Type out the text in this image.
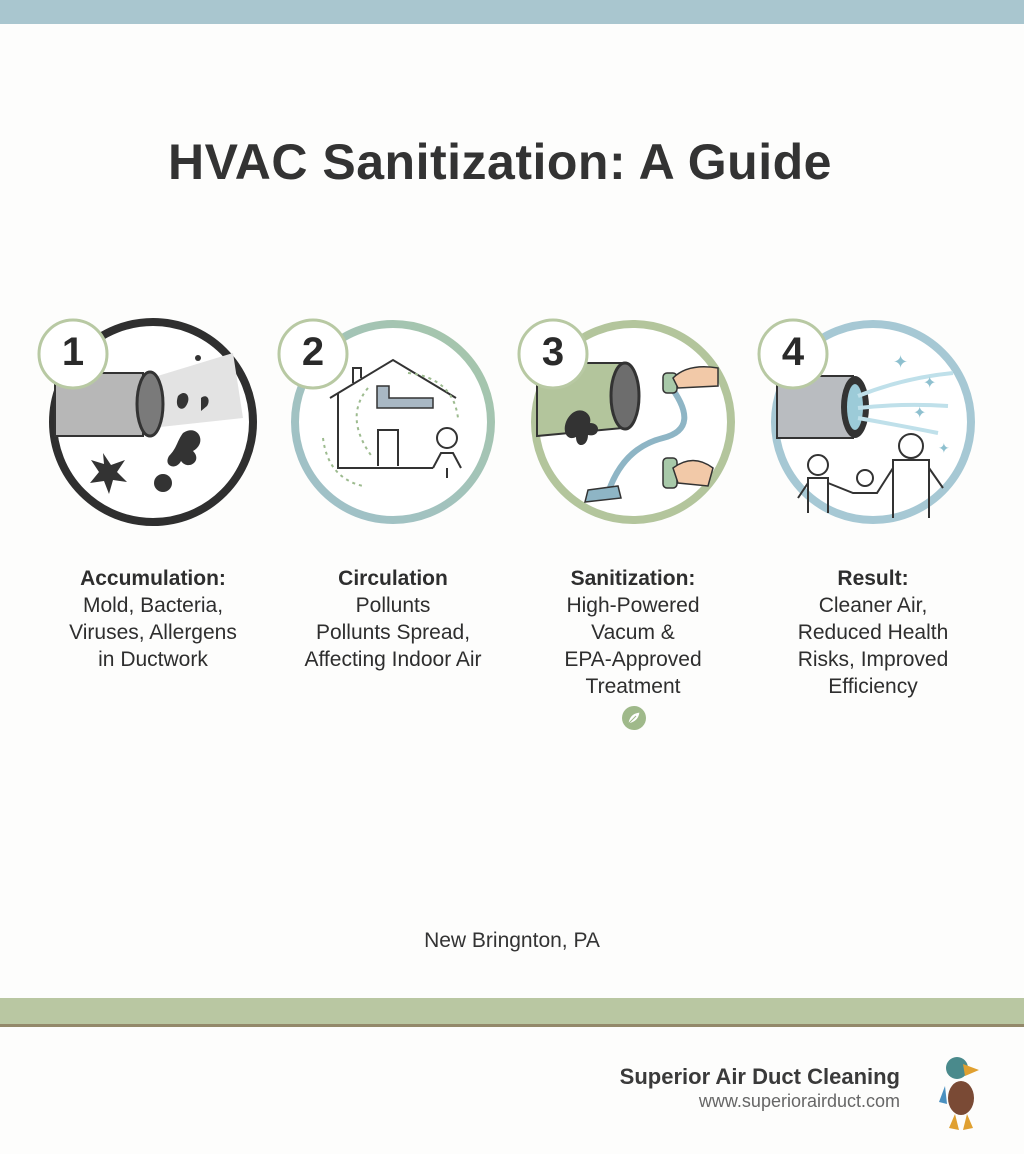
HVAC Sanitization: A Guide
1
Accumulation:
Mold, Bacteria,
Viruses, Allergens
in Ductwork
2
Circulation
Pollunts
Pollunts Spread,
Affecting Indoor Air
3
Sanitization:
High-Powered
Vacum &
EPA-Approved
Treatment
✦
✦
✦
✦
4
Result:
Cleaner Air,
Reduced Health
Risks, Improved
Efficiency
New Bringnton, PA
Superior Air Duct Cleaning
www.superiorairduct.com
